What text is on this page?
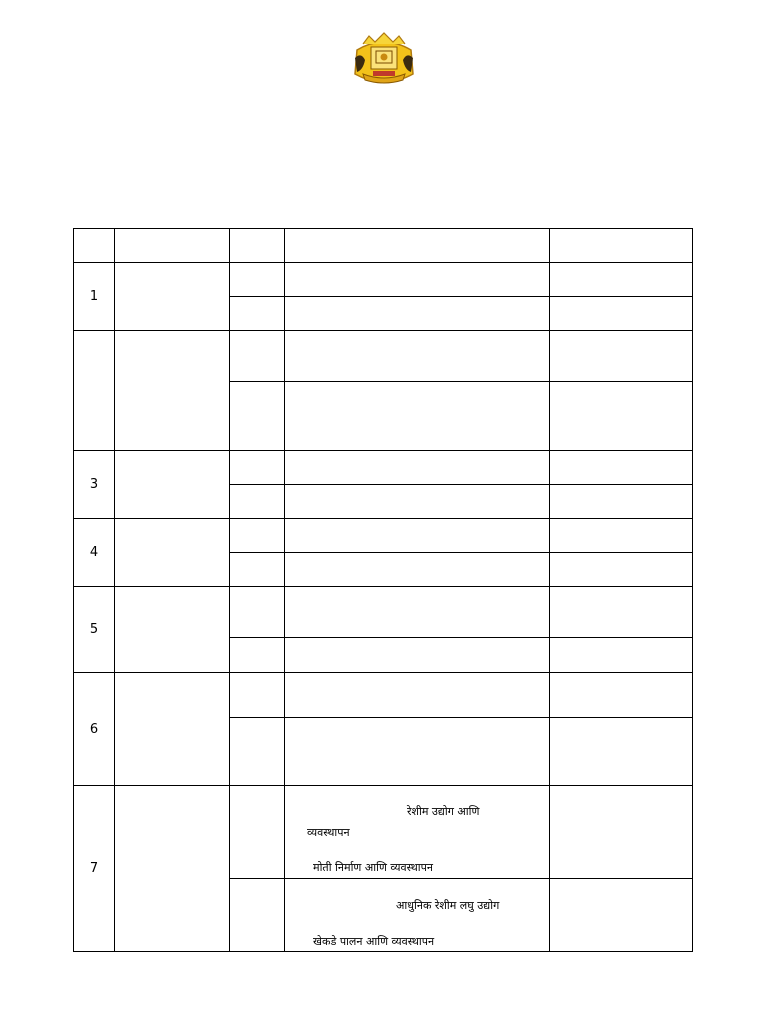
1
3
4
5
6
7
रेशीम उद्योग आणि
व्यवस्थापन
मोती निर्माण आणि व्यवस्थापन
आधुनिक रेशीम लघु उद्योग
खेकडे पालन आणि व्यवस्थापन
